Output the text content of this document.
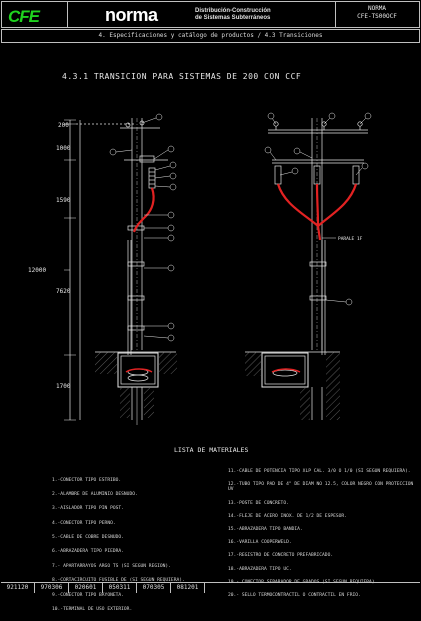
CFE	norma	Distribución-Construcción
de Sistemas Subterráneos
NORMA
CFE-TS00OCF
4. Especificaciones y catálogo de productos / 4.3 Transiciones
4.3.1 TRANSICION PARA SISTEMAS DE 200 CON CCF
200
1000
1590
12000
7620
1700
PARALE 1F
LISTA DE MATERIALES

1.-CONECTOR TIPO ESTRIBO.

2.-ALAMBRE DE ALUMINIO DESNUDO.

3.-AISLADOR TIPO PIN POST.

4.-CONECTOR TIPO PERNO.

5.-CABLE DE COBRE DESNUDO.

6.-ABRAZADERA TIPO PIEDRA.

7.- APARTARRAYOS ARGO TS (SI SEGUN REGION).

8.-CORTACIRCUITO FUSIBLE DE (SI SEGUN REQUIERA).

9.-CONECTOR TIPO BAYONETA.

10.-TERMINAL DE USO EXTERIOR.

11.-CABLE DE POTENCIA TIPO XLP CAL. 3/0 O 1/0 (SI SEGUN REQUIERA).

12.-TUBO TIPO PAD DE 4" DE DIAM NO 12.5, COLOR NEGRO CON PROTECCION UV

13.-POSTE DE CONCRETO.

14.-FLEJE DE ACERO INOX. DE 1/2 DE ESPESOR.

15.-ABRAZADERA TIPO BANDIA.

16.-VARILLA COOPERWELD.

17.-REGISTRO DE CONCRETO PREFABRICADO.

18.-ABRAZADERA TIPO UC.

19.- CONECTOR SEPARADOR DE GRADOS (SI SEGUN REQUIERA).

20.- SELLO TERMOCONTRACTIL O CONTRACTIL EN FRIO.

921120	970306	020601	050311	070305	081201
